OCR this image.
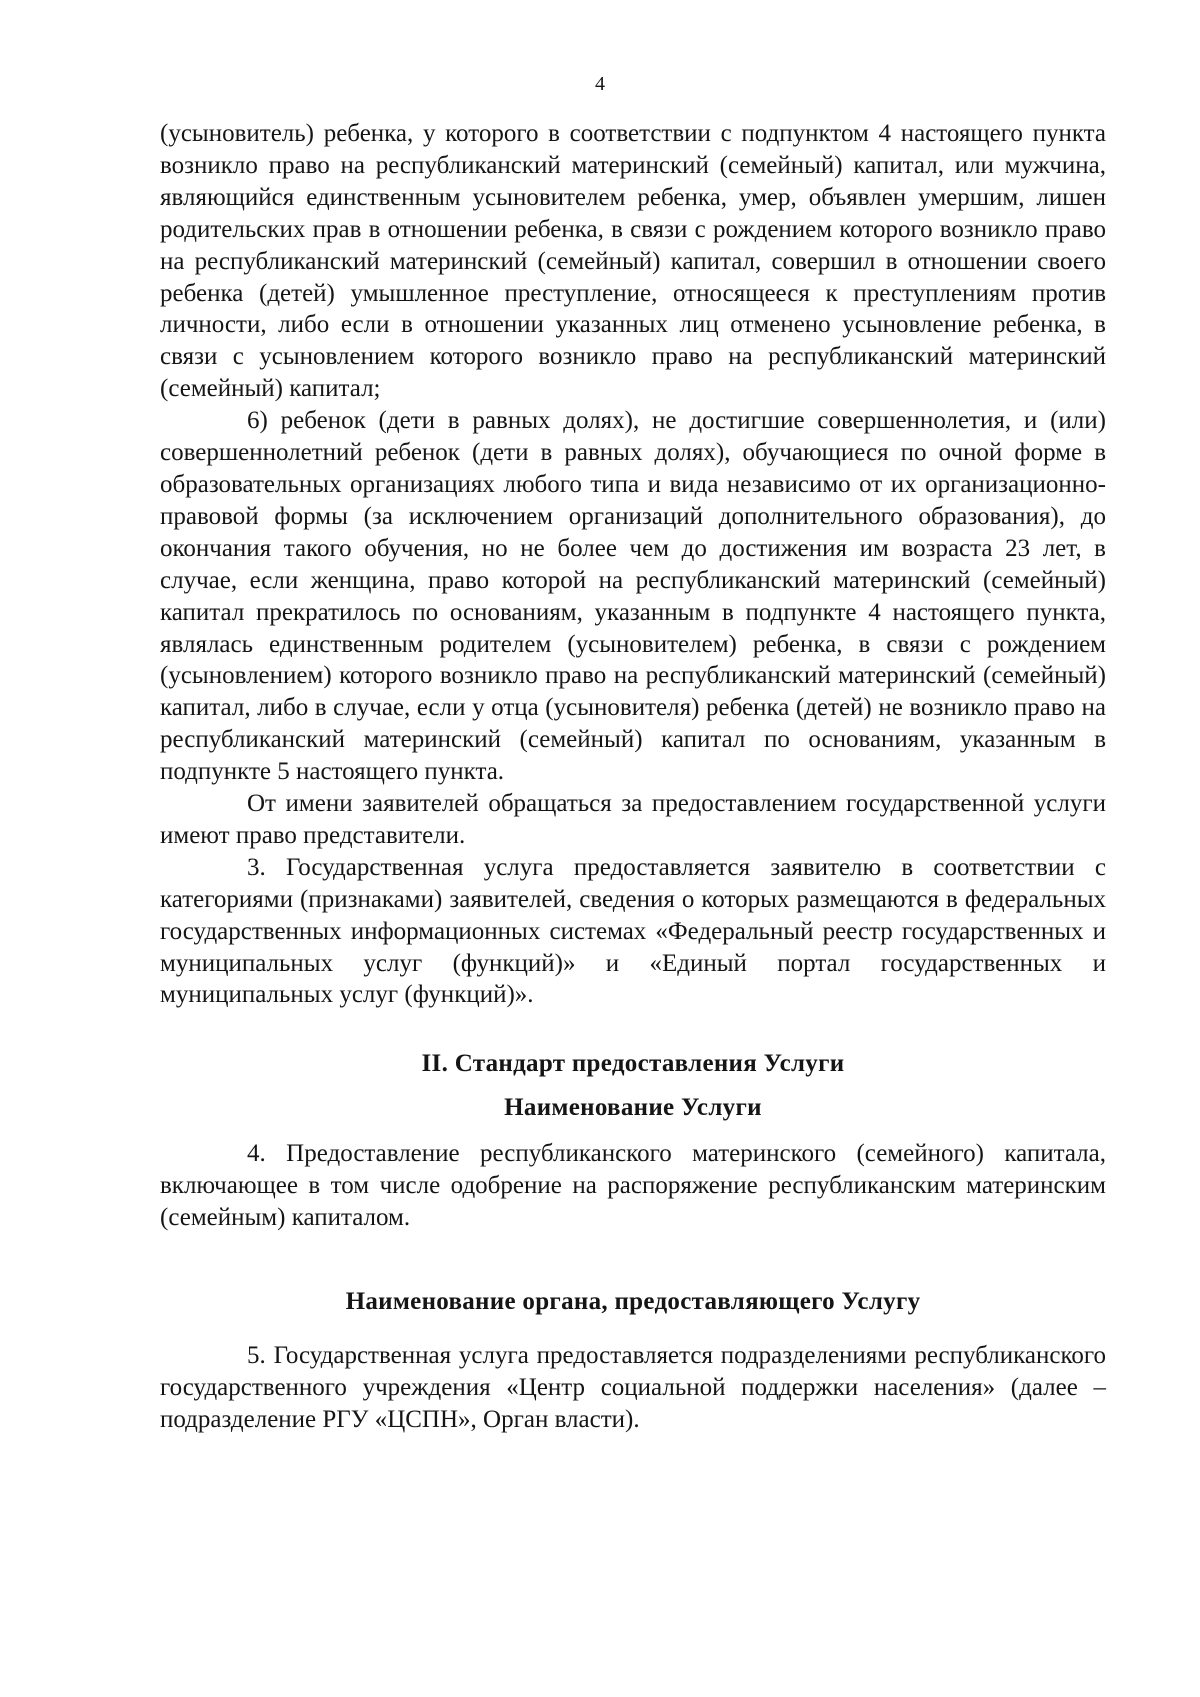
4

(усыновитель) ребенка, у которого в соответствии с подпунктом 4 настоящего пункта возникло право на республиканский материнский (семейный) капитал, или мужчина, являющийся единственным усыновителем ребенка, умер, объявлен умершим, лишен родительских прав в отношении ребенка, в связи с рождением которого возникло право на республиканский материнский (семейный) капитал, совершил в отношении своего ребенка (детей) умышленное преступление, относящееся к преступлениям против личности, либо если в отношении указанных лиц отменено усыновление ребенка, в связи с усыновлением которого возникло право на республиканский материнский (семейный) капитал;

6) ребенок (дети в равных долях), не достигшие совершеннолетия, и (или) совершеннолетний ребенок (дети в равных долях), обучающиеся по очной форме в образовательных организациях любого типа и вида независимо от их организационно-правовой формы (за исключением организаций дополнительного образования), до окончания такого обучения, но не более чем до достижения им возраста 23 лет, в случае, если женщина, право которой на республиканский материнский (семейный) капитал прекратилось по основаниям, указанным в подпункте 4 настоящего пункта, являлась единственным родителем (усыновителем) ребенка, в связи с рождением (усыновлением) которого возникло право на республиканский материнский (семейный) капитал, либо в случае, если у отца (усыновителя) ребенка (детей) не возникло право на республиканский материнский (семейный) капитал по основаниям, указанным в подпункте 5 настоящего пункта.

От имени заявителей обращаться за предоставлением государственной услуги имеют право представители.

3. Государственная услуга предоставляется заявителю в соответствии с категориями (признаками) заявителей, сведения о которых размещаются в федеральных государственных информационных системах «Федеральный реестр государственных и муниципальных услуг (функций)» и «Единый портал государственных и муниципальных услуг (функций)».

II. Стандарт предоставления Услуги
Наименование Услуги

4. Предоставление республиканского материнского (семейного) капитала, включающее в том числе одобрение на распоряжение республиканским материнским (семейным) капиталом.

Наименование органа, предоставляющего Услугу

5. Государственная услуга предоставляется подразделениями республиканского государственного учреждения «Центр социальной поддержки населения» (далее – подразделение РГУ «ЦСПН», Орган власти).
